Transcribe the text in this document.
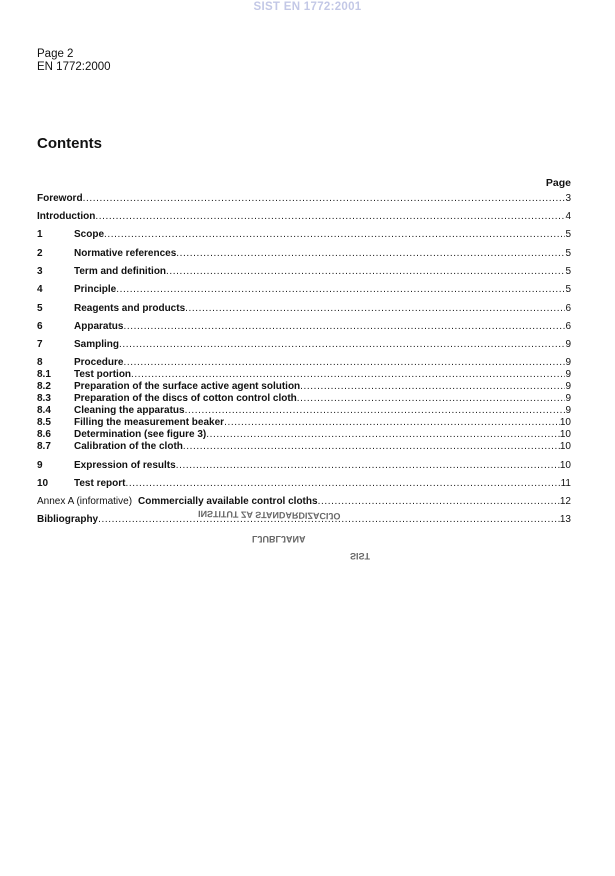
SIST EN 1772:2001
Page 2
EN 1772:2000
Contents
Page
Foreword .....	3
Introduction .....	4
1	Scope .....	5
2	Normative references .....	5
3	Term and definition .....	5
4	Principle .....	5
5	Reagents and products .....	6
6	Apparatus .....	6
7	Sampling .....	9
8	Procedure .....	9
8.1	Test portion .....	9
8.2	Preparation of the surface active agent solution .....	9
8.3	Preparation of the discs of cotton control cloth .....	9
8.4	Cleaning the apparatus .....	9
8.5	Filling the measurement beaker .....	10
8.6	Determination (see figure 3) .....	10
8.7	Calibration of the cloth .....	10
9	Expression of results .....	10
10	Test report .....	11
Annex A (informative) Commercially available control cloths .....	12
Bibliography .....	13
INSTITUT ZA STANDARDIZACIJO
LJUBLJANA
SIST
